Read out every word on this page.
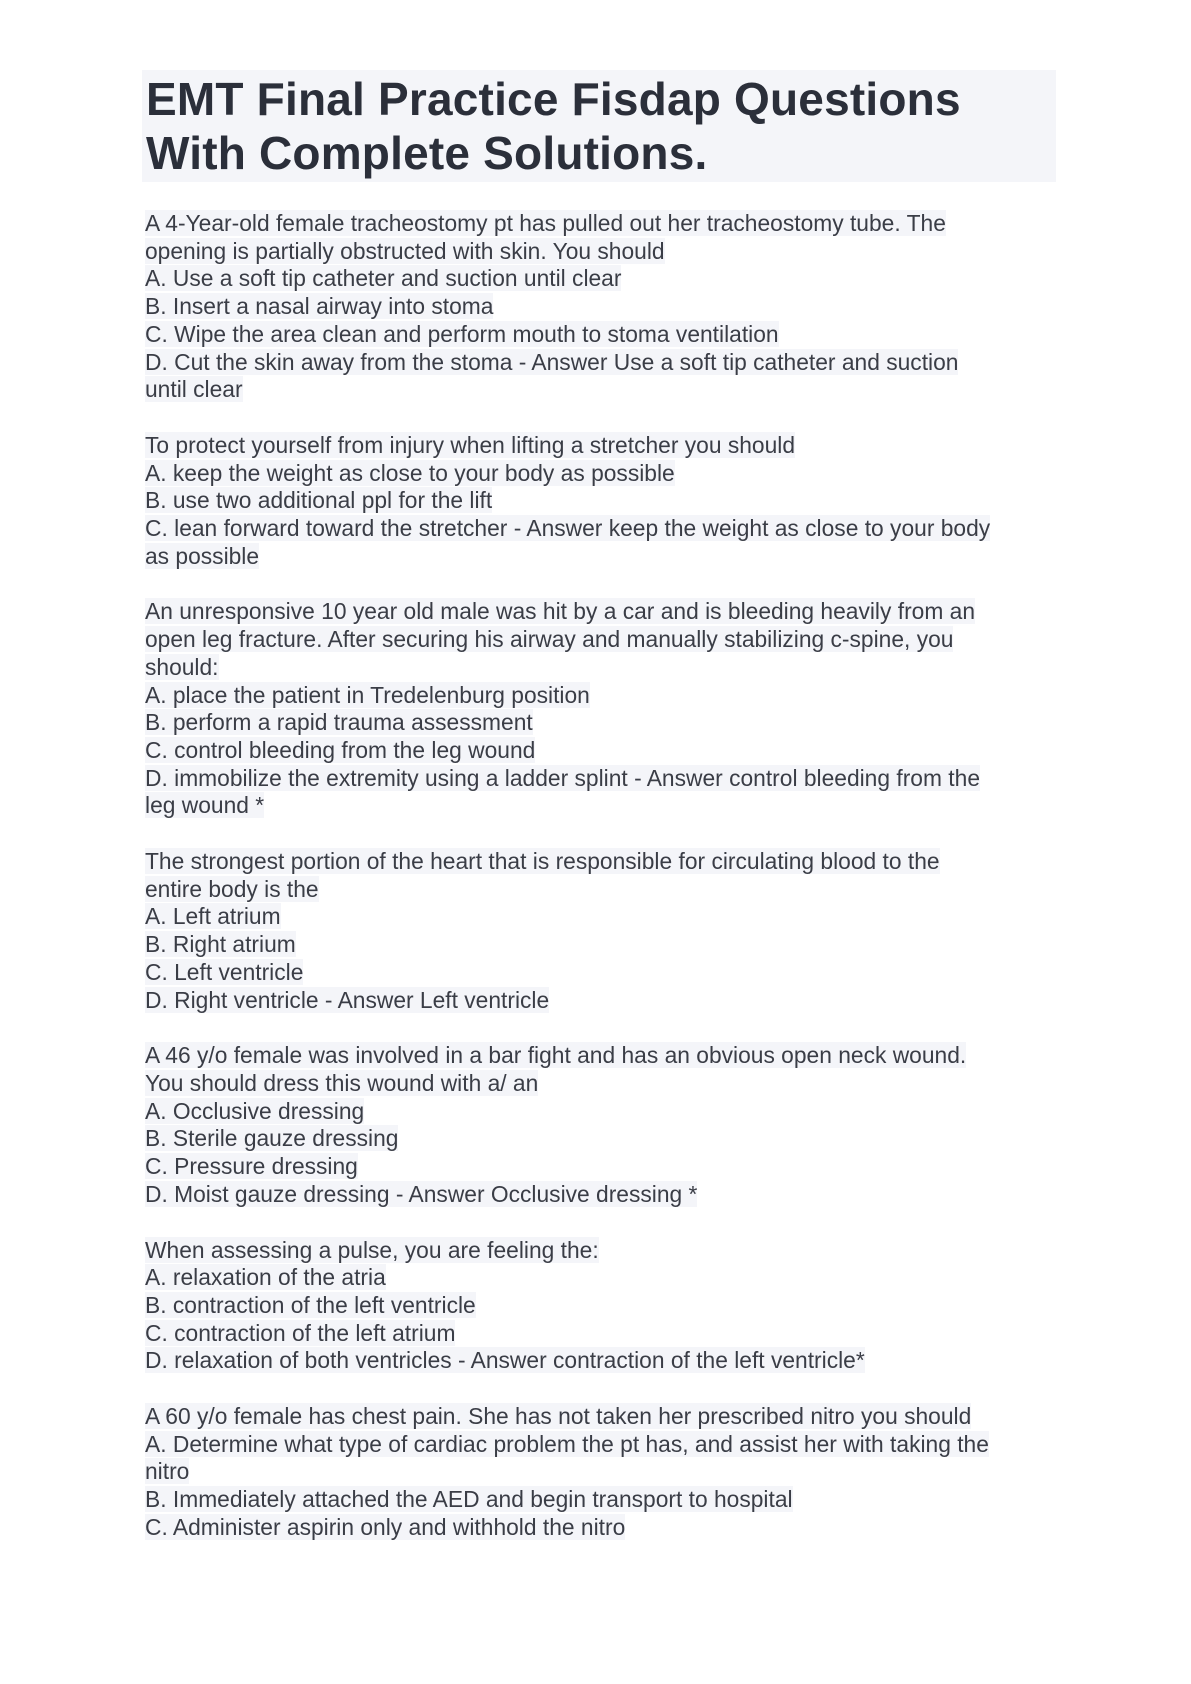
EMT Final Practice Fisdap Questions
With Complete Solutions.
A 4-Year-old female tracheostomy pt has pulled out her tracheostomy tube. The
opening is partially obstructed with skin. You should
A. Use a soft tip catheter and suction until clear
B. Insert a nasal airway into stoma
C. Wipe the area clean and perform mouth to stoma ventilation
D. Cut the skin away from the stoma - Answer Use a soft tip catheter and suction
until clear
To protect yourself from injury when lifting a stretcher you should
A. keep the weight as close to your body as possible
B. use two additional ppl for the lift
C. lean forward toward the stretcher - Answer keep the weight as close to your body
as possible
An unresponsive 10 year old male was hit by a car and is bleeding heavily from an
open leg fracture. After securing his airway and manually stabilizing c-spine, you
should:
A. place the patient in Tredelenburg position
B. perform a rapid trauma assessment
C. control bleeding from the leg wound
D. immobilize the extremity using a ladder splint - Answer control bleeding from the
leg wound *
The strongest portion of the heart that is responsible for circulating blood to the
entire body is the
A. Left atrium
B. Right atrium
C. Left ventricle
D. Right ventricle - Answer Left ventricle
A 46 y/o female was involved in a bar fight and has an obvious open neck wound.
You should dress this wound with a/ an
A. Occlusive dressing
B. Sterile gauze dressing
C. Pressure dressing
D. Moist gauze dressing - Answer Occlusive dressing *
When assessing a pulse, you are feeling the:
A. relaxation of the atria
B. contraction of the left ventricle
C. contraction of the left atrium
D. relaxation of both ventricles - Answer contraction of the left ventricle*
A 60 y/o female has chest pain. She has not taken her prescribed nitro you should
A. Determine what type of cardiac problem the pt has, and assist her with taking the
nitro
B. Immediately attached the AED and begin transport to hospital
C. Administer aspirin only and withhold the nitro
